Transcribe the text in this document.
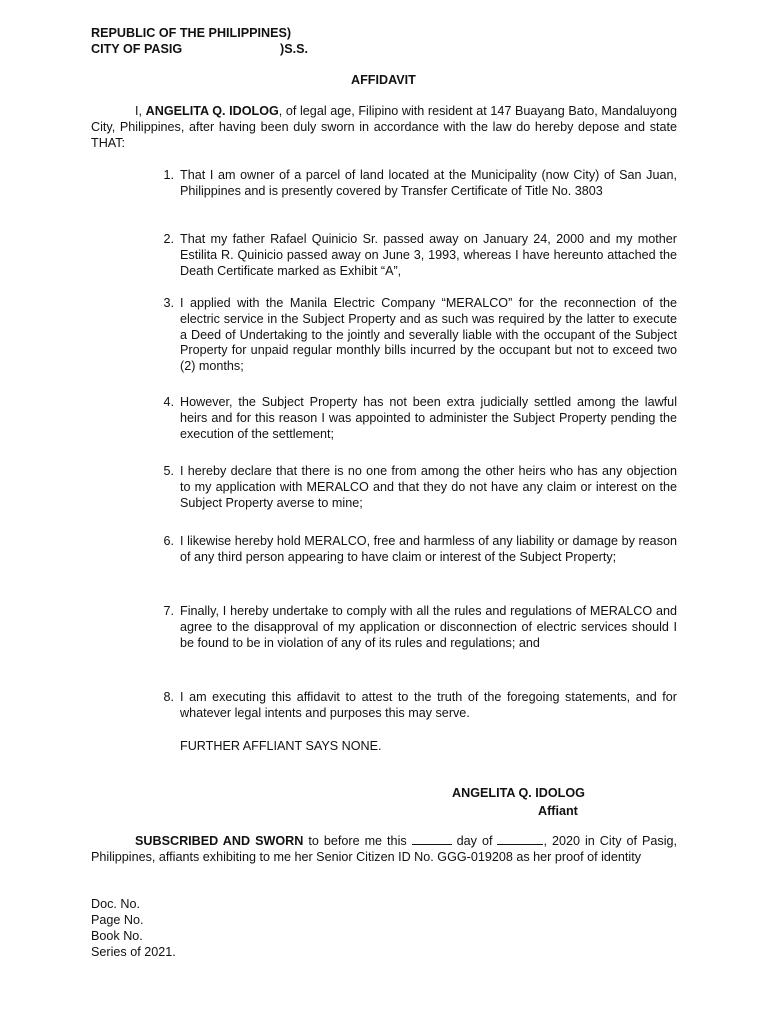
REPUBLIC OF THE PHILIPPINES)
CITY OF PASIG	)S.S.
AFFIDAVIT
I, ANGELITA Q. IDOLOG, of legal age, Filipino with resident at 147 Buayang Bato, Mandaluyong City, Philippines, after having been duly sworn in accordance with the law do hereby depose and state THAT:
1. That I am owner of a parcel of land located at the Municipality (now City) of San Juan, Philippines and is presently covered by Transfer Certificate of Title No. 3803
2. That my father Rafael Quinicio Sr. passed away on January 24, 2000 and my mother Estilita R. Quinicio passed away on June 3, 1993, whereas I have hereunto attached the Death Certificate marked as Exhibit “A”,
3. I applied with the Manila Electric Company “MERALCO” for the reconnection of the electric service in the Subject Property and as such was required by the latter to execute a Deed of Undertaking to the jointly and severally liable with the occupant of the Subject Property for unpaid regular monthly bills incurred by the occupant but not to exceed two (2) months;
4. However, the Subject Property has not been extra judicially settled among the lawful heirs and for this reason I was appointed to administer the Subject Property pending the execution of the settlement;
5. I hereby declare that there is no one from among the other heirs who has any objection to my application with MERALCO and that they do not have any claim or interest on the Subject Property averse to mine;
6. I likewise hereby hold MERALCO, free and harmless of any liability or damage by reason of any third person appearing to have claim or interest of the Subject Property;
7. Finally, I hereby undertake to comply with all the rules and regulations of MERALCO and agree to the disapproval of my application or disconnection of electric services should I be found to be in violation of any of its rules and regulations; and
8. I am executing this affidavit to attest to the truth of the foregoing statements, and for whatever legal intents and purposes this may serve.
FURTHER AFFLIANT SAYS NONE.
ANGELITA Q. IDOLOG
Affiant
SUBSCRIBED AND SWORN to before me this	day of	, 2020 in City of Pasig, Philippines, affiants exhibiting to me her Senior Citizen ID No. GGG-019208 as her proof of identity
Doc. No.
Page No.
Book No.
Series of 2021.
